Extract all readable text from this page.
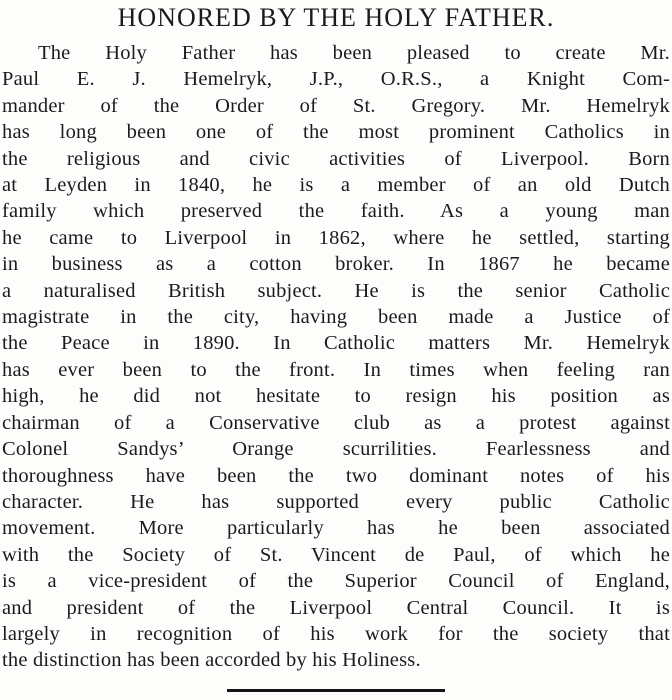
HONORED BY THE HOLY FATHER.
The Holy Father has been pleased to create Mr.
Paul E. J. Hemelryk, J.P., O.R.S., a Knight Com-
mander of the Order of St. Gregory. Mr. Hemelryk
has long been one of the most prominent Catholics in
the religious and civic activities of Liverpool. Born
at Leyden in 1840, he is a member of an old Dutch
family which preserved the faith. As a young man
he came to Liverpool in 1862, where he settled, starting
in business as a cotton broker. In 1867 he became
a naturalised British subject. He is the senior Catholic
magistrate in the city, having been made a Justice of
the Peace in 1890. In Catholic matters Mr. Hemelryk
has ever been to the front. In times when feeling ran
high, he did not hesitate to resign his position as
chairman of a Conservative club as a protest against
Colonel Sandys’ Orange scurrilities. Fearlessness and
thoroughness have been the two dominant notes of his
character. He has supported every public Catholic
movement. More particularly has he been associated
with the Society of St. Vincent de Paul, of which he
is a vice-president of the Superior Council of England,
and president of the Liverpool Central Council. It is
largely in recognition of his work for the society that
the distinction has been accorded by his Holiness.
